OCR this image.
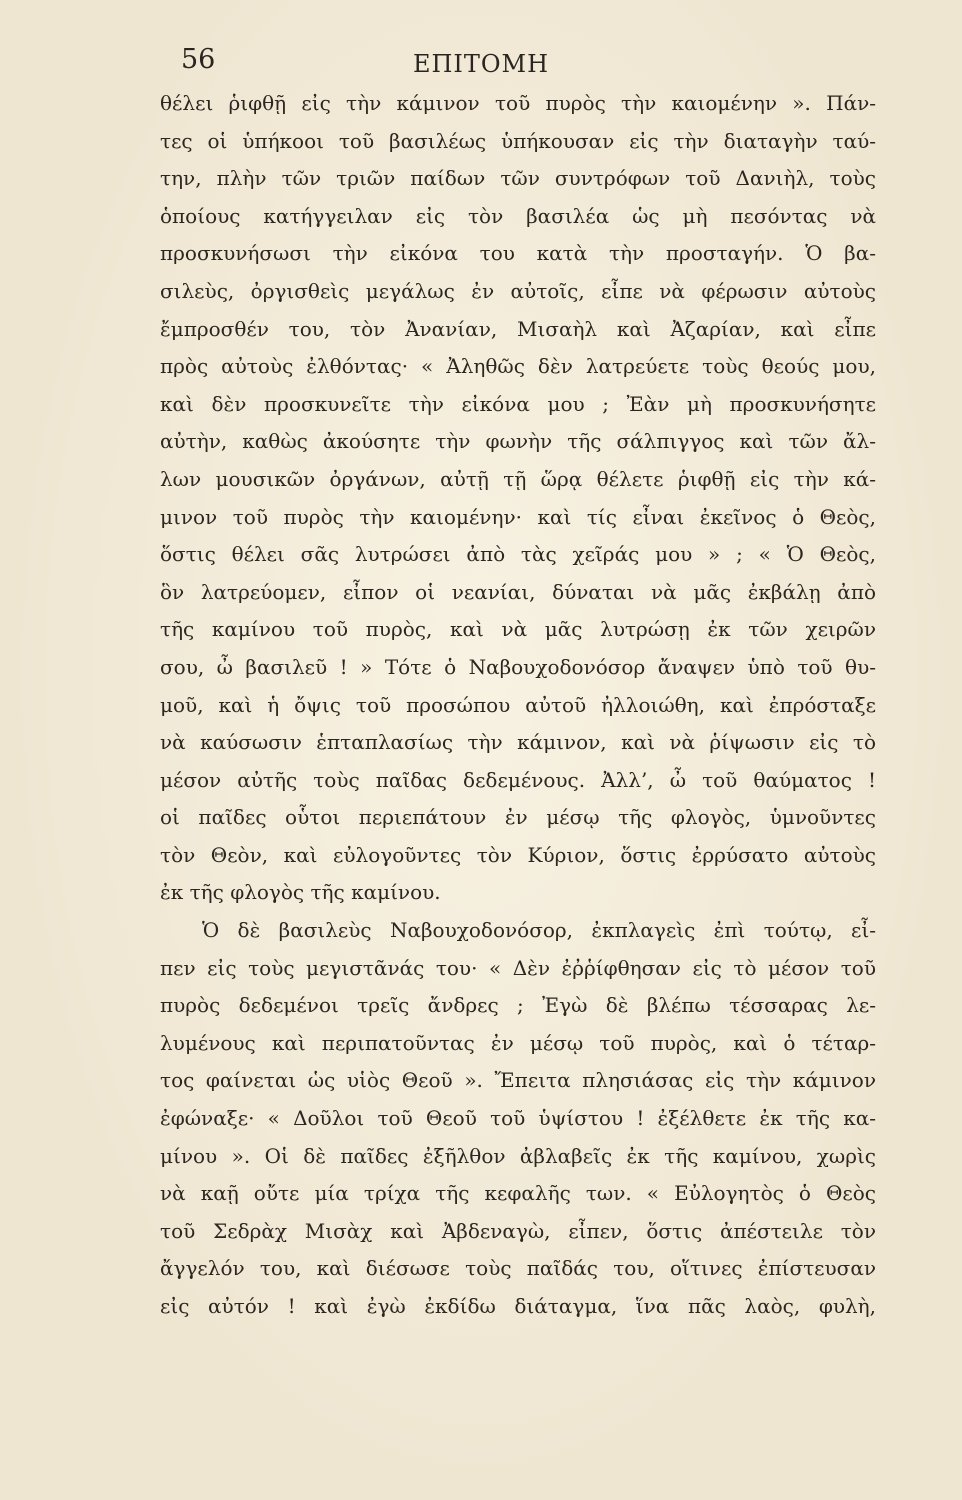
56	ΕΠΙΤΟΜΗ
θέλει ῥιφθῇ εἰς τὴν κάμινον τοῦ πυρὸς τὴν καιομένην ». Πάν-
τες οἱ ὑπήκοοι τοῦ βασιλέως ὑπήκουσαν εἰς τὴν διαταγὴν ταύ-
την, πλὴν τῶν τριῶν παίδων τῶν συντρόφων τοῦ Δανιὴλ, τοὺς
ὁποίους κατήγγειλαν εἰς τὸν βασιλέα ὡς μὴ πεσόντας νὰ
προσκυνήσωσι τὴν εἰκόνα του κατὰ τὴν προσταγήν. Ὁ βα-
σιλεὺς, ὀργισθεὶς μεγάλως ἐν αὐτοῖς, εἶπε νὰ φέρωσιν αὐτοὺς
ἔμπροσθέν του, τὸν Ἀνανίαν, Μισαὴλ καὶ Ἀζαρίαν, καὶ εἶπε
πρὸς αὐτοὺς ἐλθόντας· « Ἀληθῶς δὲν λατρεύετε τοὺς θεούς μου,
καὶ δὲν προσκυνεῖτε τὴν εἰκόνα μου ; Ἐὰν μὴ προσκυνήσητε
αὐτὴν, καθὼς ἀκούσητε τὴν φωνὴν τῆς σάλπιγγος καὶ τῶν ἄλ-
λων μουσικῶν ὀργάνων, αὐτῇ τῇ ὥρᾳ θέλετε ῥιφθῇ εἰς τὴν κά-
μινον τοῦ πυρὸς τὴν καιομένην· καὶ τίς εἶναι ἐκεῖνος ὁ Θεὸς,
ὅστις θέλει σᾶς λυτρώσει ἀπὸ τὰς χεῖράς μου » ; « Ὁ Θεὸς,
ὃν λατρεύομεν, εἶπον οἱ νεανίαι, δύναται νὰ μᾶς ἐκβάλῃ ἀπὸ
τῆς καμίνου τοῦ πυρὸς, καὶ νὰ μᾶς λυτρώσῃ ἐκ τῶν χειρῶν
σου, ὦ βασιλεῦ ! » Τότε ὁ Ναβουχοδονόσορ ἄναψεν ὑπὸ τοῦ θυ-
μοῦ, καὶ ἡ ὄψις τοῦ προσώπου αὐτοῦ ἠλλοιώθη, καὶ ἐπρόσταξε
νὰ καύσωσιν ἑπταπλασίως τὴν κάμινον, καὶ νὰ ῥίψωσιν εἰς τὸ
μέσον αὐτῆς τοὺς παῖδας δεδεμένους. Ἀλλ’, ὦ τοῦ θαύματος !
οἱ παῖδες οὗτοι περιεπάτουν ἐν μέσῳ τῆς φλογὸς, ὑμνοῦντες
τὸν Θεὸν, καὶ εὐλογοῦντες τὸν Κύριον, ὅστις ἐρρύσατο αὐτοὺς
ἐκ τῆς φλογὸς τῆς καμίνου.
Ὁ δὲ βασιλεὺς Ναβουχοδονόσορ, ἐκπλαγεὶς ἐπὶ τούτῳ, εἶ-
πεν εἰς τοὺς μεγιστᾶνάς του· « Δὲν ἐῤῥίφθησαν εἰς τὸ μέσον τοῦ
πυρὸς δεδεμένοι τρεῖς ἄνδρες ; Ἐγὼ δὲ βλέπω τέσσαρας λε-
λυμένους καὶ περιπατοῦντας ἐν μέσῳ τοῦ πυρὸς, καὶ ὁ τέταρ-
τος φαίνεται ὡς υἱὸς Θεοῦ ». Ἔπειτα πλησιάσας εἰς τὴν κάμινον
ἐφώναξε· « Δοῦλοι τοῦ Θεοῦ τοῦ ὑψίστου ! ἐξέλθετε ἐκ τῆς κα-
μίνου ». Οἱ δὲ παῖδες ἐξῆλθον ἀβλαβεῖς ἐκ τῆς καμίνου, χωρὶς
νὰ καῇ οὔτε μία τρίχα τῆς κεφαλῆς των. « Εὐλογητὸς ὁ Θεὸς
τοῦ Σεδρὰχ Μισὰχ καὶ Ἀβδεναγὼ, εἶπεν, ὅστις ἀπέστειλε τὸν
ἄγγελόν του, καὶ διέσωσε τοὺς παῖδάς του, οἵτινες ἐπίστευσαν
εἰς αὐτόν ! καὶ ἐγὼ ἐκδίδω διάταγμα, ἵνα πᾶς λαὸς, φυλὴ,
